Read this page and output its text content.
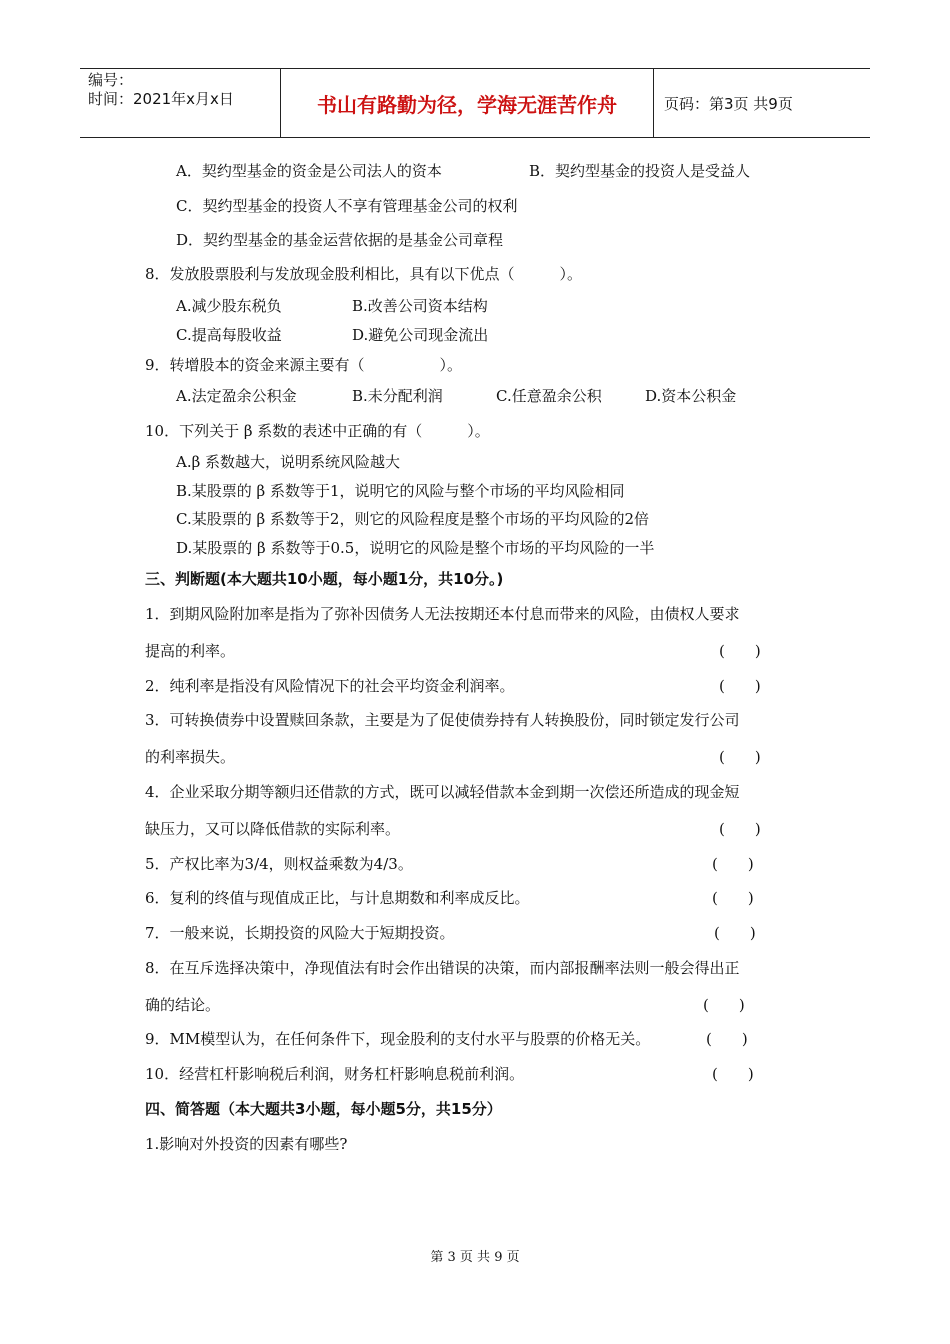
编号：
时间：2021年x月x日	书山有路勤为径，学海无涯苦作舟	页码：第3页 共9页
A．契约型基金的资金是公司法人的资本	B．契约型基金的投资人是受益人
C．契约型基金的投资人不享有管理基金公司的权利
D．契约型基金的基金运营依据的是基金公司章程
8．发放股票股利与发放现金股利相比，具有以下优点（　　　）。
A.减少股东税负	B.改善公司资本结构
C.提高每股收益	D.避免公司现金流出
9．转增股本的资金来源主要有（　　　　　）。
A.法定盈余公积金	B.未分配利润	C.任意盈余公积	D.资本公积金
10．下列关于 β 系数的表述中正确的有（　　　）。
A.β 系数越大，说明系统风险越大
B.某股票的 β 系数等于1，说明它的风险与整个市场的平均风险相同
C.某股票的 β 系数等于2，则它的风险程度是整个市场的平均风险的2倍
D.某股票的 β 系数等于0.5，说明它的风险是整个市场的平均风险的一半
三、判断题(本大题共10小题，每小题1分，共10分。)
1．到期风险附加率是指为了弥补因债务人无法按期还本付息而带来的风险，由债权人要求
提高的利率。	(　　)
2．纯利率是指没有风险情况下的社会平均资金利润率。	(　　)
3．可转换债券中设置赎回条款，主要是为了促使债券持有人转换股份，同时锁定发行公司
的利率损失。	(　　)
4．企业采取分期等额归还借款的方式，既可以减轻借款本金到期一次偿还所造成的现金短
缺压力，又可以降低借款的实际利率。	(　　)
5．产权比率为3/4，则权益乘数为4/3。	(　　)
6．复利的终值与现值成正比，与计息期数和利率成反比。	(　　)
7．一般来说，长期投资的风险大于短期投资。	(　　)
8．在互斥选择决策中，净现值法有时会作出错误的决策，而内部报酬率法则一般会得出正
确的结论。	(　　)
9．MM模型认为，在任何条件下，现金股利的支付水平与股票的价格无关。	(　　)
10．经营杠杆影响税后利润，财务杠杆影响息税前利润。	(　　)
四、简答题（本大题共3小题，每小题5分，共15分）
1.影响对外投资的因素有哪些?
第 3 页 共 9 页
